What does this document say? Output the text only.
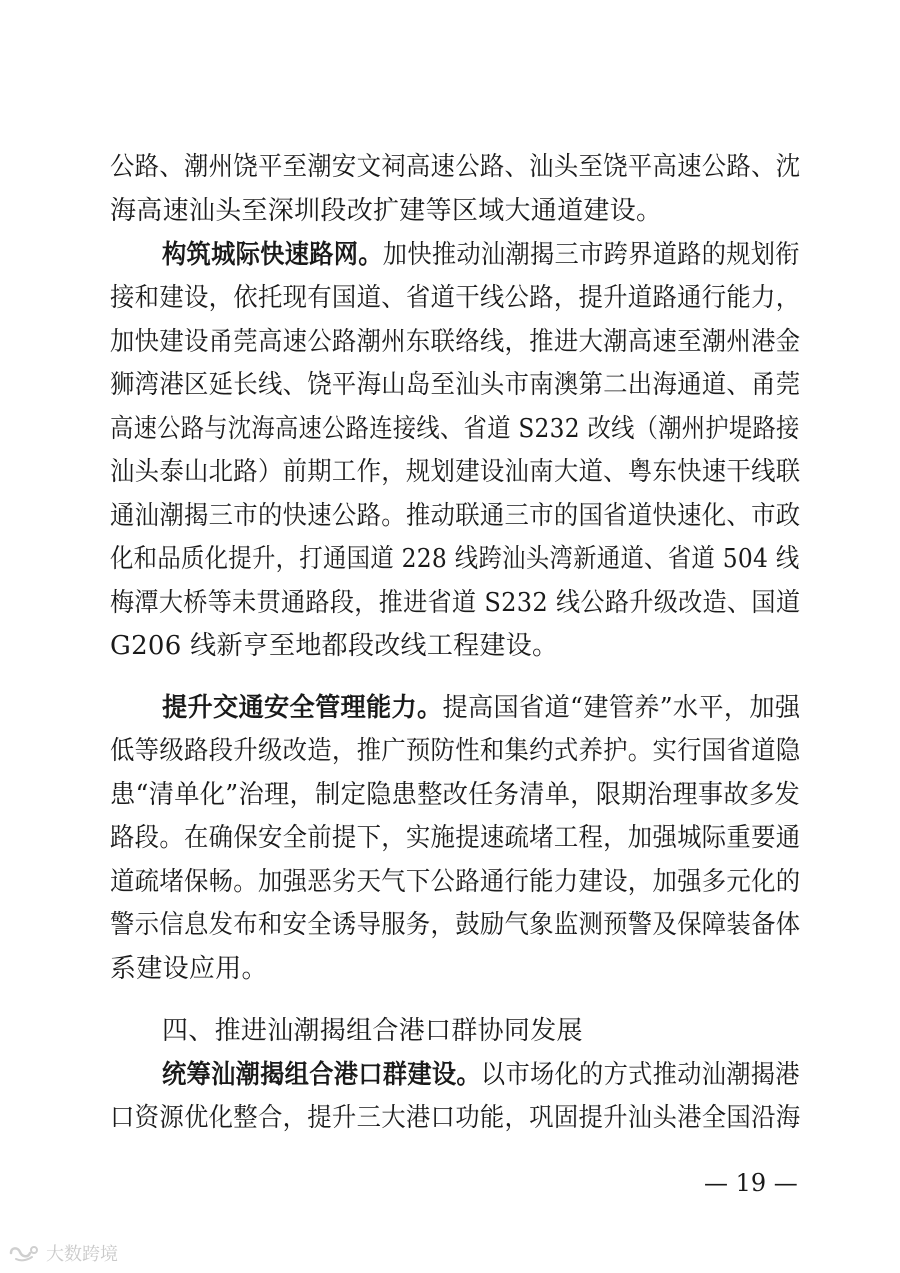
公路、潮州饶平至潮安文祠高速公路、汕头至饶平高速公路、沈
海高速汕头至深圳段改扩建等区域大通道建设。
构筑城际快速路网。加快推动汕潮揭三市跨界道路的规划衔
接和建设，依托现有国道、省道干线公路，提升道路通行能力，
加快建设甬莞高速公路潮州东联络线，推进大潮高速至潮州港金
狮湾港区延长线、饶平海山岛至汕头市南澳第二出海通道、甬莞
高速公路与沈海高速公路连接线、省道 S232 改线（潮州护堤路接
汕头泰山北路）前期工作，规划建设汕南大道、粤东快速干线联
通汕潮揭三市的快速公路。推动联通三市的国省道快速化、市政
化和品质化提升，打通国道 228 线跨汕头湾新通道、省道 504 线
梅潭大桥等未贯通路段，推进省道 S232 线公路升级改造、国道
G206 线新亨至地都段改线工程建设。
提升交通安全管理能力。提高国省道“建管养”水平，加强
低等级路段升级改造，推广预防性和集约式养护。实行国省道隐
患“清单化”治理，制定隐患整改任务清单，限期治理事故多发
路段。在确保安全前提下，实施提速疏堵工程，加强城际重要通
道疏堵保畅。加强恶劣天气下公路通行能力建设，加强多元化的
警示信息发布和安全诱导服务，鼓励气象监测预警及保障装备体
系建设应用。
四、推进汕潮揭组合港口群协同发展
统筹汕潮揭组合港口群建设。以市场化的方式推动汕潮揭港
口资源优化整合，提升三大港口功能，巩固提升汕头港全国沿海
— 19 —
大数跨境
